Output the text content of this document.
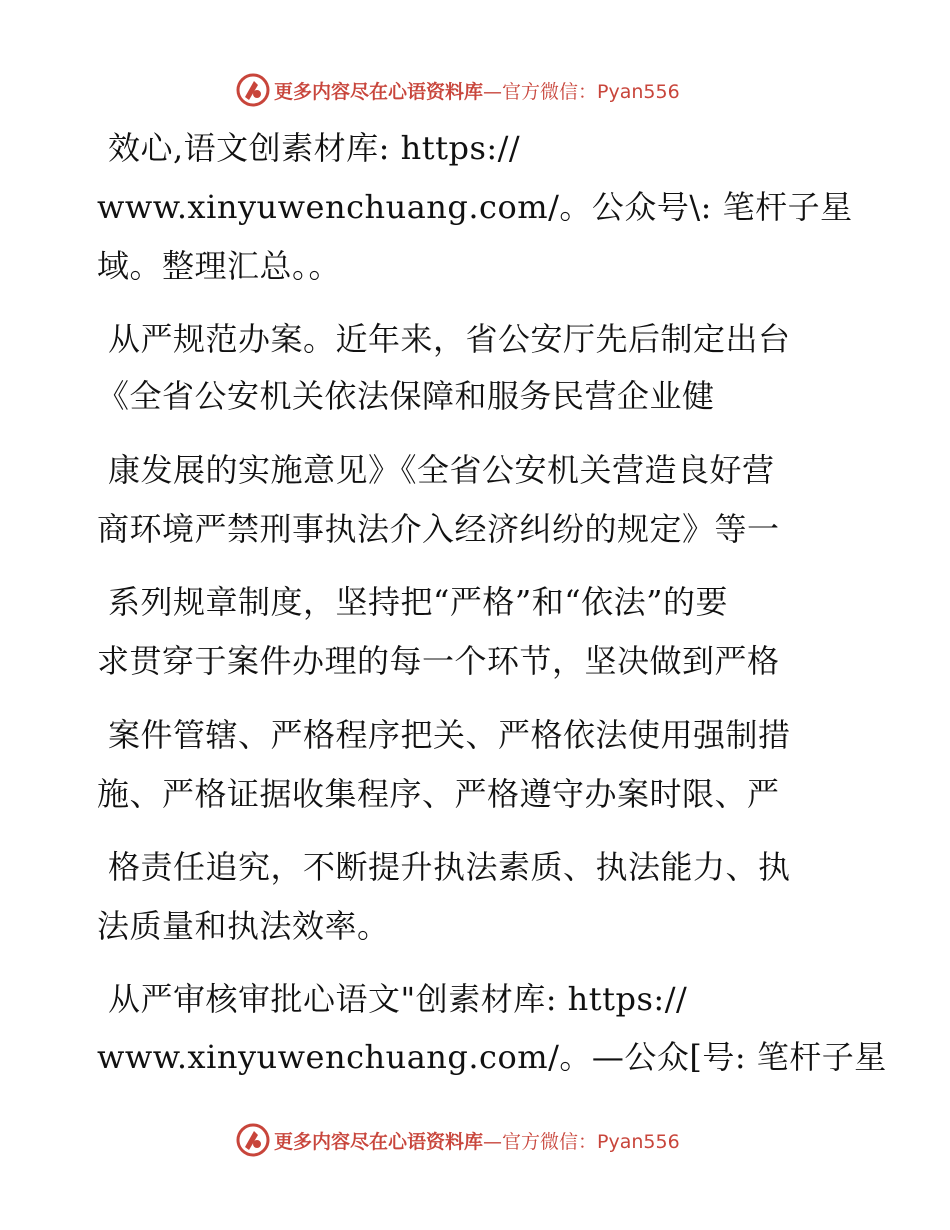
更多内容尽在心语资料库 —官方微信：Pyan556
效心,语文创素材库: https://
www.xinyuwenchuang.com/。公众号\: 笔杆子星
域。整理汇总。。
从严规范办案。近年来，省公安厅先后制定出台
《全省公安机关依法保障和服务民营企业健
康发展的实施意见》《全省公安机关营造良好营
商环境严禁刑事执法介入经济纠纷的规定》等一
系列规章制度，坚持把“严格”和“依法”的要
求贯穿于案件办理的每一个环节，坚决做到严格
案件管辖、严格程序把关、严格依法使用强制措
施、严格证据收集程序、严格遵守办案时限、严
格责任追究，不断提升执法素质、执法能力、执
法质量和执法效率。
从严审核审批心语文"创素材库: https://
www.xinyuwenchuang.com/。—公众[号: 笔杆子星
更多内容尽在心语资料库 —官方微信：Pyan556
